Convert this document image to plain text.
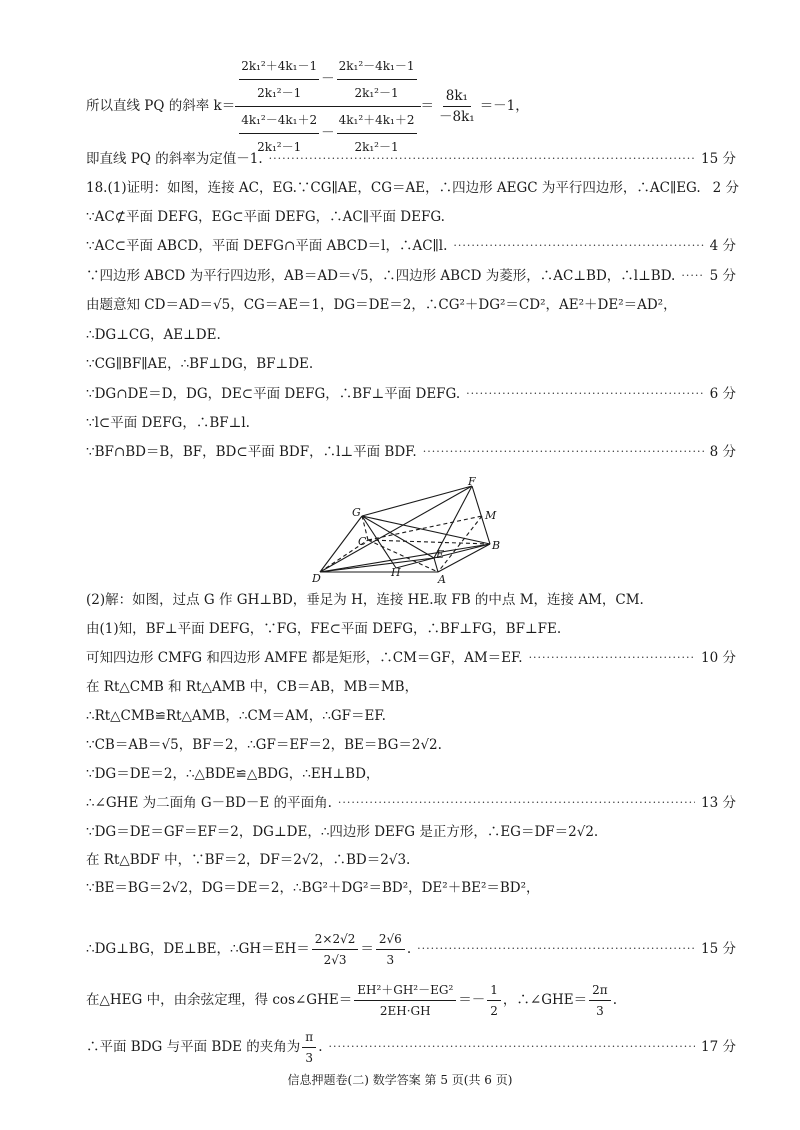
所以直线 PQ 的斜率 k＝
$\frac{\text{2k₁²＋4k₁－1}}{\text{2k₁²－1}} - \frac{\text{2k₁²－4k₁－1}}{\text{2k₁²－1}}$
$\frac{\text{4k₁²－4k₁＋2}}{\text{2k₁²－1}} - \frac{\text{4k₁²＋4k₁＋2}}{\text{2k₁²－1}}$
＝ $\frac{\text{8k₁}}{\text{－8k₁}} =-1$，
即直线 PQ 的斜率为定值－1. ·····	15 分
18.(1)证明：如图，连接 AC，EG.∵CG∥AE，CG＝AE，∴四边形 AEGC 为平行四边形，∴AC∥EG. 2 分
∵AC⊄平面 DEFG，EG⊂平面 DEFG，∴AC∥平面 DEFG.
∵AC⊂平面 ABCD，平面 DEFG∩平面 ABCD＝l，∴AC∥l. ·····	4 分
∵四边形 ABCD 为平行四边形，AB＝AD＝√5，∴四边形 ABCD 为菱形，∴AC⊥BD，∴l⊥BD. ·····	5 分
由题意知 CD＝AD＝√5，CG＝AE＝1，DG＝DE＝2，∴CG²＋DG²＝CD²，AE²＋DE²＝AD²，
∴DG⊥CG，AE⊥DE.
∵CG∥BF∥AE，∴BF⊥DG，BF⊥DE.
∵DG∩DE＝D，DG，DE⊂平面 DEFG，∴BF⊥平面 DEFG. ·····	6 分
∵l⊂平面 DEFG，∴BF⊥l.
∵BF∩BD＝B，BF，BD⊂平面 BDF，∴l⊥平面 BDF. ·····	8 分
(2)解：如图，过点 G 作 GH⊥BD，垂足为 H，连接 HE.取 FB 的中点 M，连接 AM，CM.
由(1)知，BF⊥平面 DEFG，∵FG，FE⊂平面 DEFG，∴BF⊥FG，BF⊥FE.
可知四边形 CMFG 和四边形 AMFE 都是矩形，∴CM＝GF，AM＝EF. ·····	10 分
在 Rt△CMB 和 Rt△AMB 中，CB＝AB，MB＝MB，
∴Rt△CMB≌Rt△AMB，∴CM＝AM，∴GF＝EF.
∵CB＝AB＝√5，BF＝2，∴GF＝EF＝2，BE＝BG＝2√2.
∵DG＝DE＝2，∴△BDE≌△BDG，∴EH⊥BD，
∴∠GHE 为二面角 G－BD－E 的平面角. ·····	13 分
∵DG＝DE＝GF＝EF＝2，DG⊥DE，∴四边形 DEFG 是正方形，∴EG＝DF＝2√2.
在 Rt△BDF 中，∵BF＝2，DF＝2√2，∴BD＝2√3.
∵BE＝BG＝2√2，DG＝DE＝2，∴BG²＋DG²＝BD²，DE²＋BE²＝BD²，
F
G	M
C	B
E
H
D	A
∴DG⊥BG，DE⊥BE，∴GH＝EH＝ $\frac{2\times 2√2}{2√3} = \frac{2√6}{3}$ . ·····	15 分
在△HEG 中，由余弦定理，得 cos∠GHE＝ $\frac{\text{EH²＋GH²－EG²}}{2EH\cdot GH} =- \frac{1}{2}$ ，∴∠GHE＝ $\frac{2\pi}{3}$ .
∴平面 BDG 与平面 BDE 的夹角为 $\frac{\pi}{3}$ . ·····	17 分
信息押题卷(二) 数学答案 第 5 页(共 6 页)
